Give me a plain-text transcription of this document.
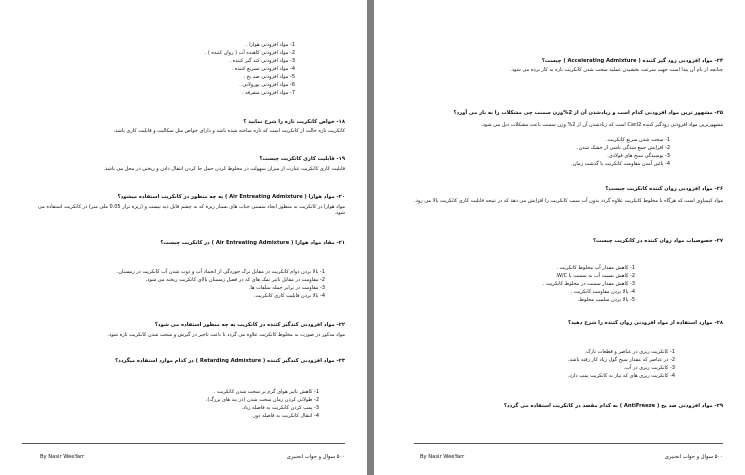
1- مواد افزودنی هوازا .
2- مواد افزودنی کاهنده آب ( روان کننده ) .
3- مواد افزودنی کند گیر کننده .
4- مواد افزودنی تسریع کننده .
5- مواد افزودنی ضد یخ .
6- مواد افزودنی پوزولانی .
7- مواد افزودنی متفرقه .
۱۸- خواص کانکریت تازه را شرح نمایید ؟
کانکریت تازه حالت از کانکریت است که تازه ساخته شده باشد و دارای خواص مثل سکالیت و قابلیت کاری باشد.
۱۹- قابلیت کاری کانکریت چیست؟
قابلیت کاری کانکریت عبارت از میزان سهولت در مخلوط کردن حمل جا کردن انتقال دادن و ریختن در محل می باشد.
۲۰- مواد هوازا ( Air Entreating Admixture ) به چه منظور در کانکریت استفاده میشود؟
مواد هوازا در کانکریت به منظور ایجاد سستی حباب های بسیار ریزه که به چشم قابل دید نیست و (ریزه تراز 0.05 ملی متر) در کانکریت استفاده می شود.
۲۱- مقاد مواد هوازا ( Air Entreating Admixture ) در کانکریت چیست؟
1- بالا بردن دوام کانکریت در مقابل ترک خوردگی از انجماد آب و ذوب شدن آب کانکریت در زمستان.
2- مقاومت در مقابل تاثیر نمک های که در فصل زمستان بالای کانکریت ریخته می شود.
3- مقاومت در برابر حمله سلفات ها.
4- بالا بردن قابلیت کاری کانکریت.
۲۲- مواد افزودنی کندگیر کننده در کانکریت به چه منظور استفاده می شود؟
مواد مذکور در صورت به مخلوط کانکریت علاوه می گردد تا باعث تاخیر در گیرش و سخت شدن کانکریت تازه شود.
۲۳- مواد افزودنی کندگیر کننده ( Retarding Admixture ) در کدام موارد استفاده میگردد؟
1- کاهش تاثیر هوای گرم بر سخت شدن کانکریت .
2- طولانی کردن زمان سخت شدن (در بند های بزرگ).
3- پمپ کردن کانکریت به فاصله زیاد.
4- انتقال کانکریت به فاصله دور.
By Nasir WeeYarr	۵۰۰ سوال و جواب انجنیری
۲۴- مواد افزودنی زود گیر کننده ( Accelerating Admixture ) چیست؟
چنانچه از نام آن پیدا است جهت سرعت بخشیدن عملیه سخت شدن کانکریت تازه به کار برده می شود.
۲۵- مشهور ترین مواد افزودنی کدام است و زیادشدن آن از 2%وزن سمنت چی مشکلات را به بار می آورد؟
مشهورترین مواد افزودنی زودگیر کننده Cacl2 است که زیادشدن آن از 2% وزن سمنت باعث مشکلات ذیل می شود.
1- سخت شدن سریع کانکریت.
2- افزایش جمع شدگی ناشی از خشک شدن.
3- پوسیدگی سیخ های فولادی.
4- پائین آمدن مقاومت کانکریت با گذشت زمان.
۲۶- مواد افزودنی روان کننده کانکریت چیست؟
مواد کیمیاوی است که هرگاه با مخلوط کانکریت علاوه گردد بدون آب سبب کانکریت را افزایش می دهد که در نتیجه قابلیت کاری کانکریت بالا می رود.
۲۷- خصوصیات مواد روان کننده در کانکریت چیست؟
1- کاهش مقدار آب مخلوط کانکریت .
2- کاهش نسبت آب به سمنت یا W/C.
3- کاهش مقدار سمنت در مخلوط کانکریت .
4- بالا بردن مقاومت کانکریت .
5- بالا بردن سلمپ مخلوط.
۲۸- موارد استفاده از مواد افزودنی روان کننده را شرح دهید؟
1- کانکریت ریزی در عناصر و قطعات نازک.
2- در عناصر که مقدار سیخ گول زیاد کار رفته باشد.
3- کانکریت ریزی در آب.
4- کانکریت ریزی های که نیاز به کانکریت پمپ دارد.
۲۹- مواد افزودنی ضد یخ ( AntiFreeze ) به کدام مقصد در کانکریت استفاده می گردد؟
By Nasir WeeYarr	۵۰۰ سوال و جواب انجنیری
